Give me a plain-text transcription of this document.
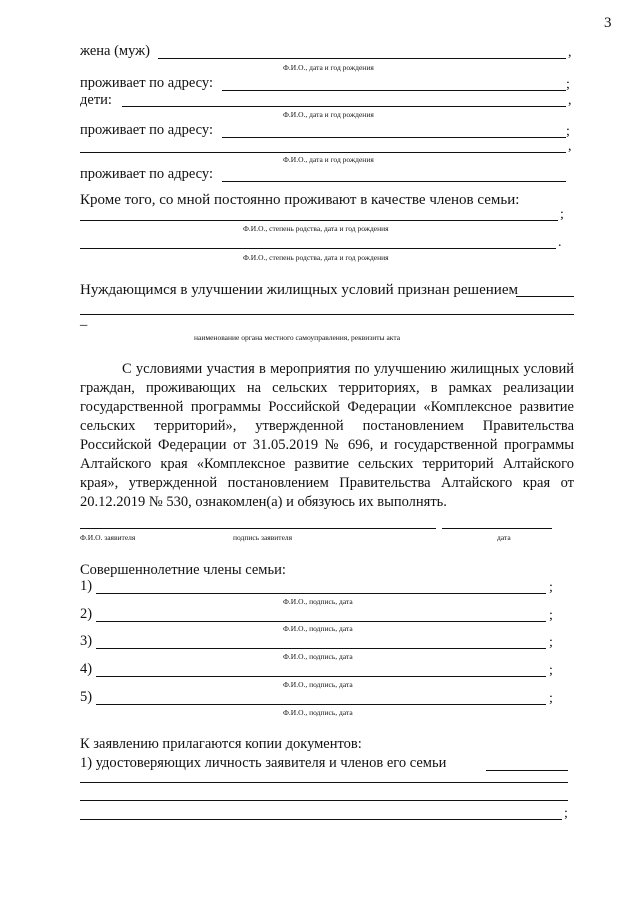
3
жена (муж)	,
Ф.И.О., дата и год рождения
проживает по адресу:	;
дети:	,
Ф.И.О., дата и год рождения
проживает по адресу:	;
,
Ф.И.О., дата и год рождения
проживает по адресу:
Кроме того, со мной постоянно проживают в качестве членов семьи:
;
Ф.И.О., степень родства, дата и год рождения
.
Ф.И.О., степень родства, дата и год рождения
Нуждающимся в улучшении жилищных условий признан решением
–
наименование органа местного самоуправления, реквизиты акта
С условиями участия в мероприятия по улучшению жилищных условий граждан, проживающих на сельских территориях, в рамках реализации государственной программы Российской Федерации «Комплексное развитие сельских территорий», утвержденной постановлением Правительства Российской Федерации от 31.05.2019 № 696, и государственной программы Алтайского края «Комплексное развитие сельских территорий Алтайского края», утвержденной постановлением Правительства Алтайского края от 20.12.2019 № 530, ознакомлен(а) и обязуюсь их выполнять.
Ф.И.О. заявителя	подпись заявителя	дата
Совершеннолетние члены семьи:
1)	;
Ф.И.О., подпись, дата
2)	;
Ф.И.О., подпись, дата
3)	;
Ф.И.О., подпись, дата
4)	;
Ф.И.О., подпись, дата
5)	;
Ф.И.О., подпись, дата
К заявлению прилагаются копии документов:
1) удостоверяющих личность заявителя и членов его семьи
;
